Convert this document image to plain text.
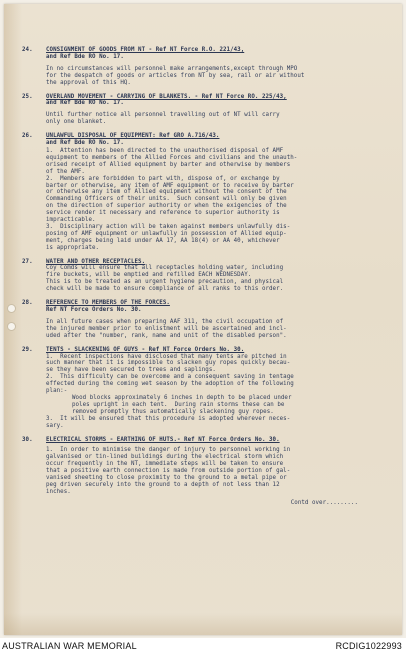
24.	CONSIGNMENT OF GOODS FROM NT - Ref NT Force R.O. 221/43,
and Ref Bde RO No. 17.
In no circumstances will personnel make arrangements,except through MPO
for the despatch of goods or articles from NT by sea, rail or air without
the approval of this HQ.
25.	OVERLAND MOVEMENT - CARRYING OF BLANKETS. - Ref NT Force RO. 225/43,
and Ref Bde RO No. 17.
Until further notice all personnel travelling out of NT will carry
only one blanket.
26.	UNLAWFUL DISPOSAL OF EQUIPMENT: Ref GRO A.716/43.
and Ref Bde RO No. 17.
1.  Attention has been directed to the unauthorised disposal of AMF
equipment to members of the Allied Forces and civilians and the unauth-
orised receipt of Allied equipment by barter and otherwise by members
of the AMF.
2.  Members are forbidden to part with, dispose of, or exchange by
barter or otherwise, any item of AMF equipment or to receive by barter
or otherwise any item of Allied equipment without the consent of the
Commanding Officers of their units.  Such consent will only be given
on the direction of superior authority or when the exigencies of the
service render it necessary and reference to superior authority is
impracticable.
3.  Disciplinary action will be taken against members unlawfully dis-
posing of AMF equipment or unlawfully in possession of Allied equip-
ment, charges being laid under AA 17, AA 18(4) or AA 40, whichever
is appropriate.
27.	WATER AND OTHER RECEPTACLES.
Coy Comds will ensure that all receptacles holding water, including
fire buckets, will be emptied and refilled EACH WEDNESDAY.
This is to be treated as an urgent hygiene precaution, and physical
check will be made to ensure compliance of all ranks to this order.
28.	REFERENCE TO MEMBERS OF THE FORCES.
Ref NT Force Orders No. 30.
In all future cases when preparing AAF 311, the civil occupation of
the injured member prior to enlistment will be ascertained and incl-
uded after the "number, rank, name and unit of the disabled person".
29.	TENTS - SLACKENING OF GUYS - Ref NT Force Orders No. 30.
1.  Recent inspections have disclosed that many tents are pitched in
such manner that it is impossible to slacken guy ropes quickly becau-
se they have been secured to trees and saplings.
2.  This difficulty can be overcome and a consequent saving in tentage
effected during the coming wet season by the adoption of the following
plan:-
Wood blocks approximately 6 inches in depth to be placed under
poles upright in each tent.  During rain storms these can be
removed promptly thus automatically slackening guy ropes.
3.  It will be ensured that this procedure is adopted wherever neces-
sary.
30.	ELECTRICAL STORMS - EARTHING OF HUTS.- Ref NT Force Orders No. 30.
1.  In order to minimise the danger of injury to personnel working in
galvanised or tin-lined buildings during the electrical storm which
occur frequently in the NT, immediate steps will be taken to ensure
that a positive earth connection is made from outside portion of gal-
vanised sheeting to close proximity to the ground to a metal pipe or
peg driven securely into the ground to a depth of not less than 12
inches.
Contd over.........
AUSTRALIAN WAR MEMORIAL	RCDIG1022993
